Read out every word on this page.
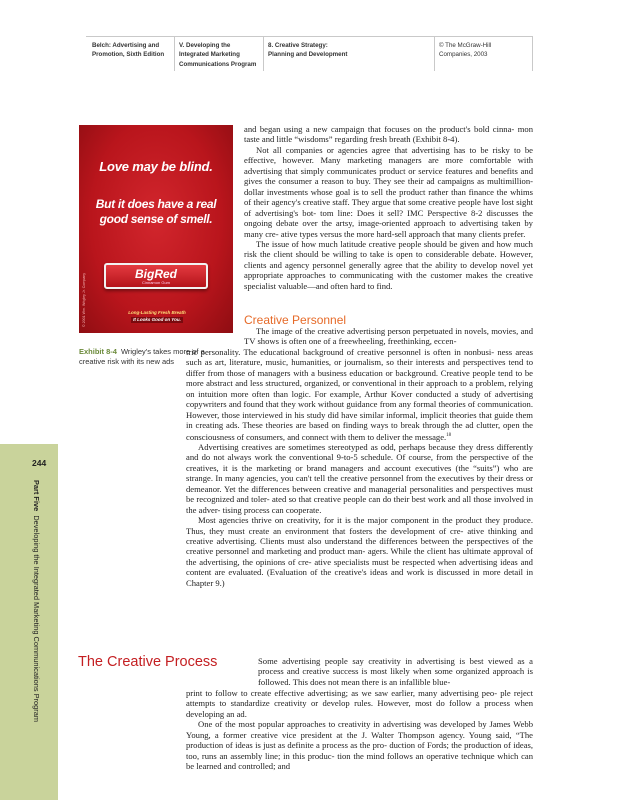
Belch: Advertising and
Promotion, Sixth Edition
V. Developing the
Integrated Marketing
Communications Program
8. Creative Strategy:
Planning and Development
© The McGraw-Hill
Companies, 2003
244
Part Five  Developing the Integrated Marketing Communications Program
Love may be blind.
But it does have a real good sense of smell.
BigRed
Cinnamon Gum
Long-Lasting Fresh Breath
It Looks Good on You.
© 2001 Wm. Wrigley Jr. Company
Exhibit 8-4 Wrigley's takes more of a creative risk with its new ads
and began using a new campaign that focuses on the product's bold cinna- mon taste and little “wisdoms” regarding fresh breath (Exhibit 8-4).
Not all companies or agencies agree that advertising has to be risky to be effective, however. Many marketing managers are more comfortable with advertising that simply communicates product or service features and benefits and gives the consumer a reason to buy. They see their ad campaigns as multimillion-dollar investments whose goal is to sell the product rather than finance the whims of their agency's creative staff. They argue that some creative people have lost sight of advertising's bot- tom line: Does it sell? IMC Perspective 8-2 discusses the ongoing debate over the artsy, image-oriented approach to advertising taken by many cre- ative types versus the more hard-sell approach that many clients prefer.
The issue of how much latitude creative people should be given and how much risk the client should be willing to take is open to considerable debate. However, clients and agency personnel generally agree that the ability to develop novel yet appropriate approaches to communicating with the customer makes the creative specialist valuable—and often hard to find.
Creative Personnel
The image of the creative advertising person perpetuated in novels, movies, and TV shows is often one of a freewheeling, freethinking, eccen-
tric personality. The educational background of creative personnel is often in nonbusi- ness areas such as art, literature, music, humanities, or journalism, so their interests and perspectives tend to differ from those of managers with a business education or background. Creative people tend to be more abstract and less structured, organized, or conventional in their approach to a problem, relying on intuition more often than logic. For example, Arthur Kover conducted a study of advertising copywriters and found that they work without guidance from any formal theories of communication. However, those interviewed in his study did have similar informal, implicit theories that guide them in creating ads. These theories are based on finding ways to break through the ad clutter, open the consciousness of consumers, and connect with them to deliver the message.$^{18}$
Advertising creatives are sometimes stereotyped as odd, perhaps because they dress differently and do not always work the conventional 9-to-5 schedule. Of course, from the perspective of the creatives, it is the marketing or brand managers and account executives (the “suits”) who are strange. In many agencies, you can't tell the creative personnel from the executives by their dress or demeanor. Yet the differences between creative and managerial personalities and perspectives must be recognized and toler- ated so that creative people can do their best work and all those involved in the adver- tising process can cooperate.
Most agencies thrive on creativity, for it is the major component in the product they produce. Thus, they must create an environment that fosters the development of cre- ative thinking and creative advertising. Clients must also understand the differences between the perspectives of the creative personnel and marketing and product man- agers. While the client has ultimate approval of the advertising, the opinions of cre- ative specialists must be respected when advertising ideas and content are evaluated. (Evaluation of the creative's ideas and work is discussed in more detail in Chapter 9.)
The Creative Process	Some advertising people say creativity in advertising is best viewed as a process and creative success is most likely when some organized approach is followed. This does not mean there is an infallible blue-
print to follow to create effective advertising; as we saw earlier, many advertising peo- ple reject attempts to standardize creativity or develop rules. However, most do follow a process when developing an ad.
One of the most popular approaches to creativity in advertising was developed by James Webb Young, a former creative vice president at the J. Walter Thompson agency. Young said, “The production of ideas is just as definite a process as the pro- duction of Fords; the production of ideas, too, runs an assembly line; in this produc- tion the mind follows an operative technique which can be learned and controlled; and
